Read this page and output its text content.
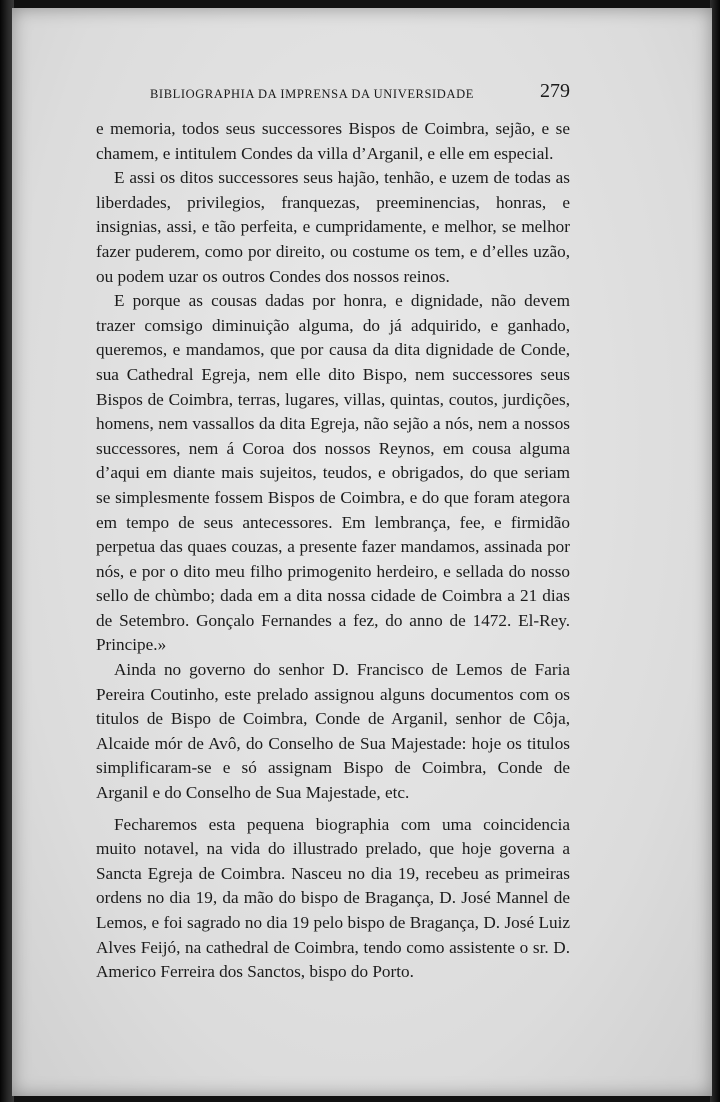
BIBLIOGRAPHIA DA IMPRENSA DA UNIVERSIDADE	279

e memoria, todos seus successores Bispos de Coimbra, sejão, e se chamem, e intitulem Condes da villa d’Arganil, e elle em especial.

E assi os ditos successores seus hajão, tenhão, e uzem de todas as liberdades, privilegios, franquezas, preeminencias, honras, e insignias, assi, e tão perfeita, e cumpridamente, e melhor, se melhor fazer puderem, como por direito, ou costume os tem, e d’elles uzão, ou podem uzar os outros Condes dos nossos reinos.

E porque as cousas dadas por honra, e dignidade, não devem trazer comsigo diminuição alguma, do já adquirido, e ganhado, queremos, e mandamos, que por causa da dita dignidade de Conde, sua Cathedral Egreja, nem elle dito Bispo, nem successores seus Bispos de Coimbra, terras, lugares, villas, quintas, coutos, jurdições, homens, nem vassallos da dita Egreja, não sejão a nós, nem a nossos successores, nem á Coroa dos nossos Reynos, em cousa alguma d’aqui em diante mais sujeitos, teudos, e obrigados, do que seriam se simplesmente fossem Bispos de Coimbra, e do que foram ategora em tempo de seus antecessores. Em lembrança, fee, e firmidão perpetua das quaes couzas, a presente fazer mandamos, assinada por nós, e por o dito meu filho primogenito herdeiro, e sellada do nosso sello de chùmbo; dada em a dita nossa cidade de Coimbra a 21 dias de Setembro. Gonçalo Fernandes a fez, do anno de 1472. El-Rey. Principe.»

Ainda no governo do senhor D. Francisco de Lemos de Faria Pereira Coutinho, este prelado assignou alguns documentos com os titulos de Bispo de Coimbra, Conde de Arganil, senhor de Côja, Alcaide mór de Avô, do Conselho de Sua Majestade: hoje os titulos simplificaram-se e só assignam Bispo de Coimbra, Conde de Arganil e do Conselho de Sua Majestade, etc.

Fecharemos esta pequena biographia com uma coincidencia muito notavel, na vida do illustrado prelado, que hoje governa a Sancta Egreja de Coimbra. Nasceu no dia 19, recebeu as primeiras ordens no dia 19, da mão do bispo de Bragança, D. José Mannel de Lemos, e foi sagrado no dia 19 pelo bispo de Bragança, D. José Luiz Alves Feijó, na cathedral de Coimbra, tendo como assistente o sr. D. Americo Ferreira dos Sanctos, bispo do Porto.
